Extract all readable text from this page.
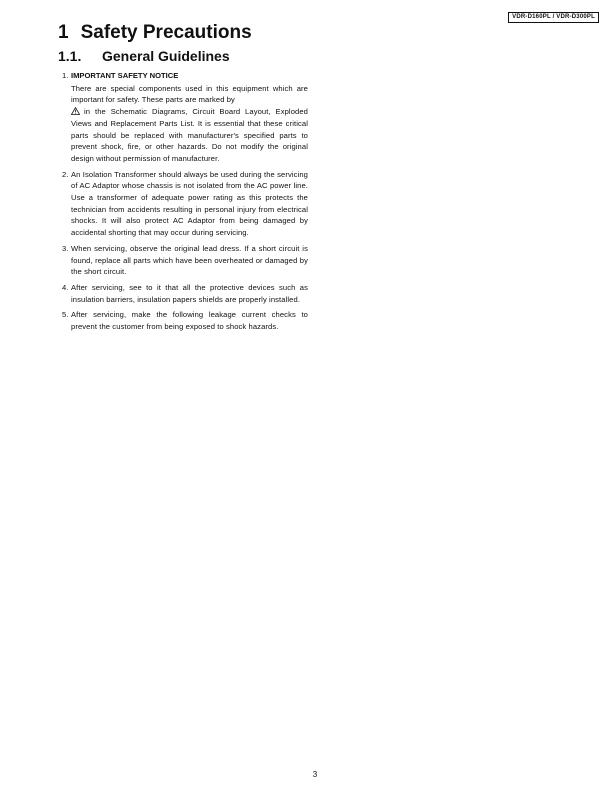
VDR-D160PL / VDR-D300PL
1 Safety Precautions
1.1. General Guidelines
1. IMPORTANT SAFETY NOTICE
There are special components used in this equipment which are important for safety. These parts are marked by
in the Schematic Diagrams, Circuit Board Layout, Exploded Views and Replacement Parts List. It is essential that these critical parts should be replaced with manufacturer's specified parts to prevent shock, fire, or other hazards. Do not modify the original design without permission of manufacturer.
2. An Isolation Transformer should always be used during the servicing of AC Adaptor whose chassis is not isolated from the AC power line. Use a transformer of adequate power rating as this protects the technician from accidents resulting in personal injury from electrical shocks. It will also protect AC Adaptor from being damaged by accidental shorting that may occur during servicing.
3. When servicing, observe the original lead dress. If a short circuit is found, replace all parts which have been overheated or damaged by the short circuit.
4. After servicing, see to it that all the protective devices such as insulation barriers, insulation papers shields are properly installed.
5. After servicing, make the following leakage current checks to prevent the customer from being exposed to shock hazards.
3
